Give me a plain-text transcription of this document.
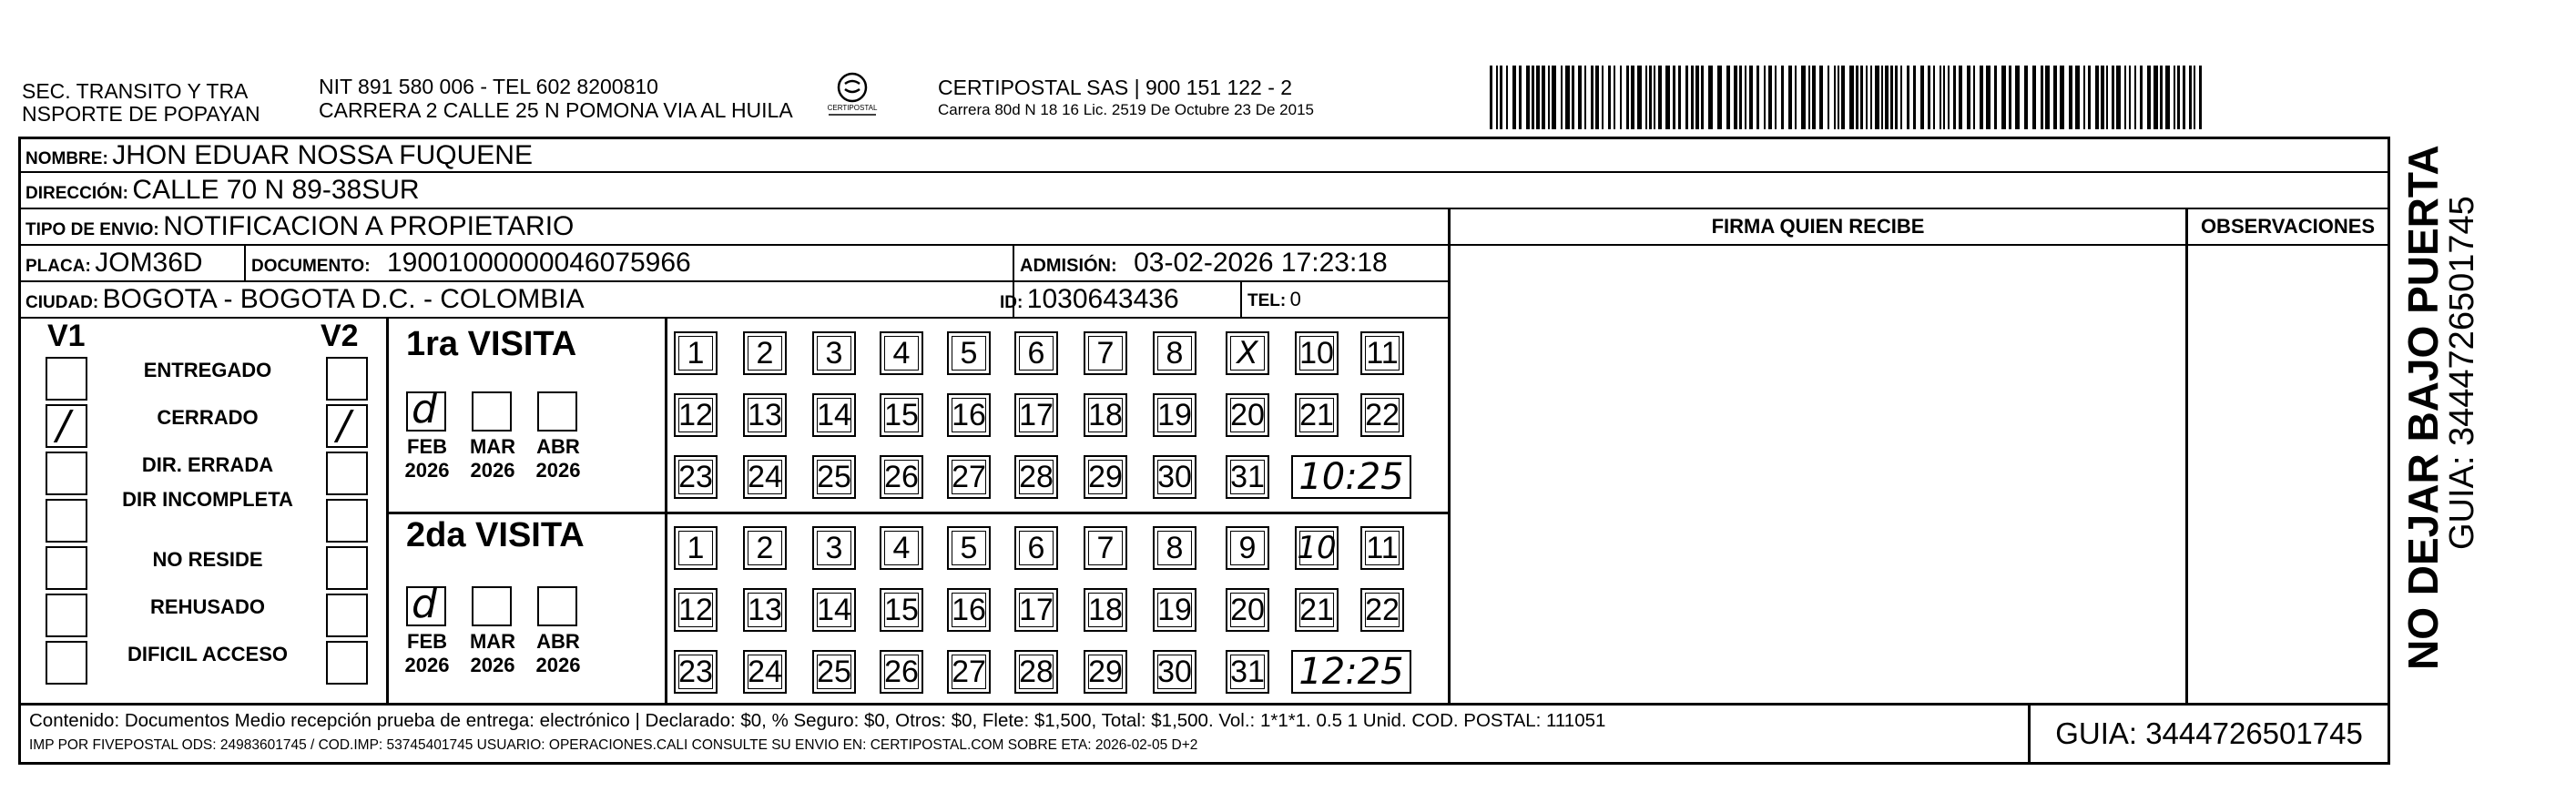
SEC. TRANSITO Y TRA
NSPORTE DE POPAYAN
NIT 891 580 006 - TEL 602 8200810
CARRERA 2 CALLE 25 N POMONA VIA AL HUILA	CERTIPOSTAL
CERTIPOSTAL SAS | 900 151 122 - 2
Carrera 80d N 18 16 Lic. 2519 De Octubre 23 De 2015
NOMBRE: JHON EDUAR NOSSA FUQUENE
DIRECCIÓN: CALLE 70 N 89-38SUR
TIPO DE ENVIO: NOTIFICACION A PROPIETARIO	FIRMA QUIEN RECIBE	OBSERVACIONES
PLACA: JOM36D	DOCUMENTO: 19001000000046075966	ADMISIÓN: 03-02-2026 17:23:18
CIUDAD: BOGOTA - BOGOTA D.C. - COLOMBIA	ID: 1030643436	TEL: 0
V1	V2
ENTREGADO
/	CERRADO	/
DIR. ERRADA
DIR INCOMPLETA
NO RESIDE
REHUSADO
DIFICIL ACCESO
1ra VISITA
2da VISITA
d
FEB
2026
MAR
2026
ABR
2026
1 2 3 4 5 6 7 8 X 10 11
12 13 14 15 16 17 18 19 20 21 22
23 24 25 26 27 28 29 30 31 10:25
d
FEB
2026
MAR
2026
ABR
2026
1 2 3 4 5 6 7 8 9 10 11
12 13 14 15 16 17 18 19 20 21 22
23 24 25 26 27 28 29 30 31 12:25
Contenido: Documentos Medio recepción prueba de entrega: electrónico | Declarado: $0, % Seguro: $0, Otros: $0, Flete: $1,500, Total: $1,500. Vol.: 1*1*1. 0.5 1 Unid. COD. POSTAL: 111051
IMP POR FIVEPOSTAL ODS: 24983601745 / COD.IMP: 53745401745 USUARIO: OPERACIONES.CALI CONSULTE SU ENVIO EN: CERTIPOSTAL.COM SOBRE ETA: 2026-02-05 D+2	GUIA: 3444726501745
NO DEJAR BAJO PUERTA
GUIA: 3444726501745
